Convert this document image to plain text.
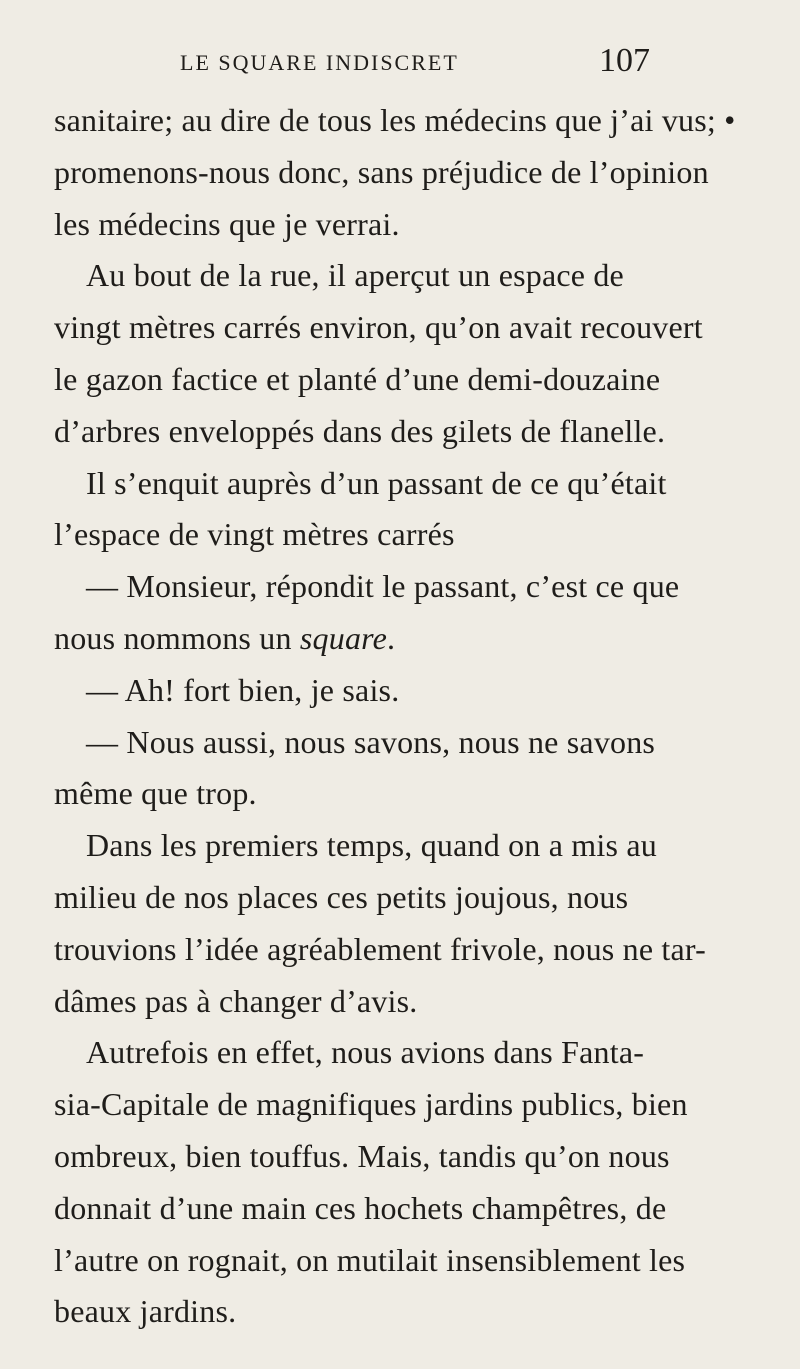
LE SQUARE INDISCRET	107
sanitaire; au dire de tous les médecins que j’ai vus; •
promenons-nous donc, sans préjudice de l’opinion
les médecins que je verrai.
Au bout de la rue, il aperçut un espace de
vingt mètres carrés environ, qu’on avait recouvert
le gazon factice et planté d’une demi-douzaine
d’arbres enveloppés dans des gilets de flanelle.
Il s’enquit auprès d’un passant de ce qu’était
l’espace de vingt mètres carrés
— Monsieur, répondit le passant, c’est ce que
nous nommons un square.
— Ah! fort bien, je sais.
— Nous aussi, nous savons, nous ne savons
même que trop.
Dans les premiers temps, quand on a mis au
milieu de nos places ces petits joujous, nous
trouvions l’idée agréablement frivole, nous ne tar-
dâmes pas à changer d’avis.
Autrefois en effet, nous avions dans Fanta-
sia-Capitale de magnifiques jardins publics, bien
ombreux, bien touffus. Mais, tandis qu’on nous
donnait d’une main ces hochets champêtres, de
l’autre on rognait, on mutilait insensiblement les
beaux jardins.
